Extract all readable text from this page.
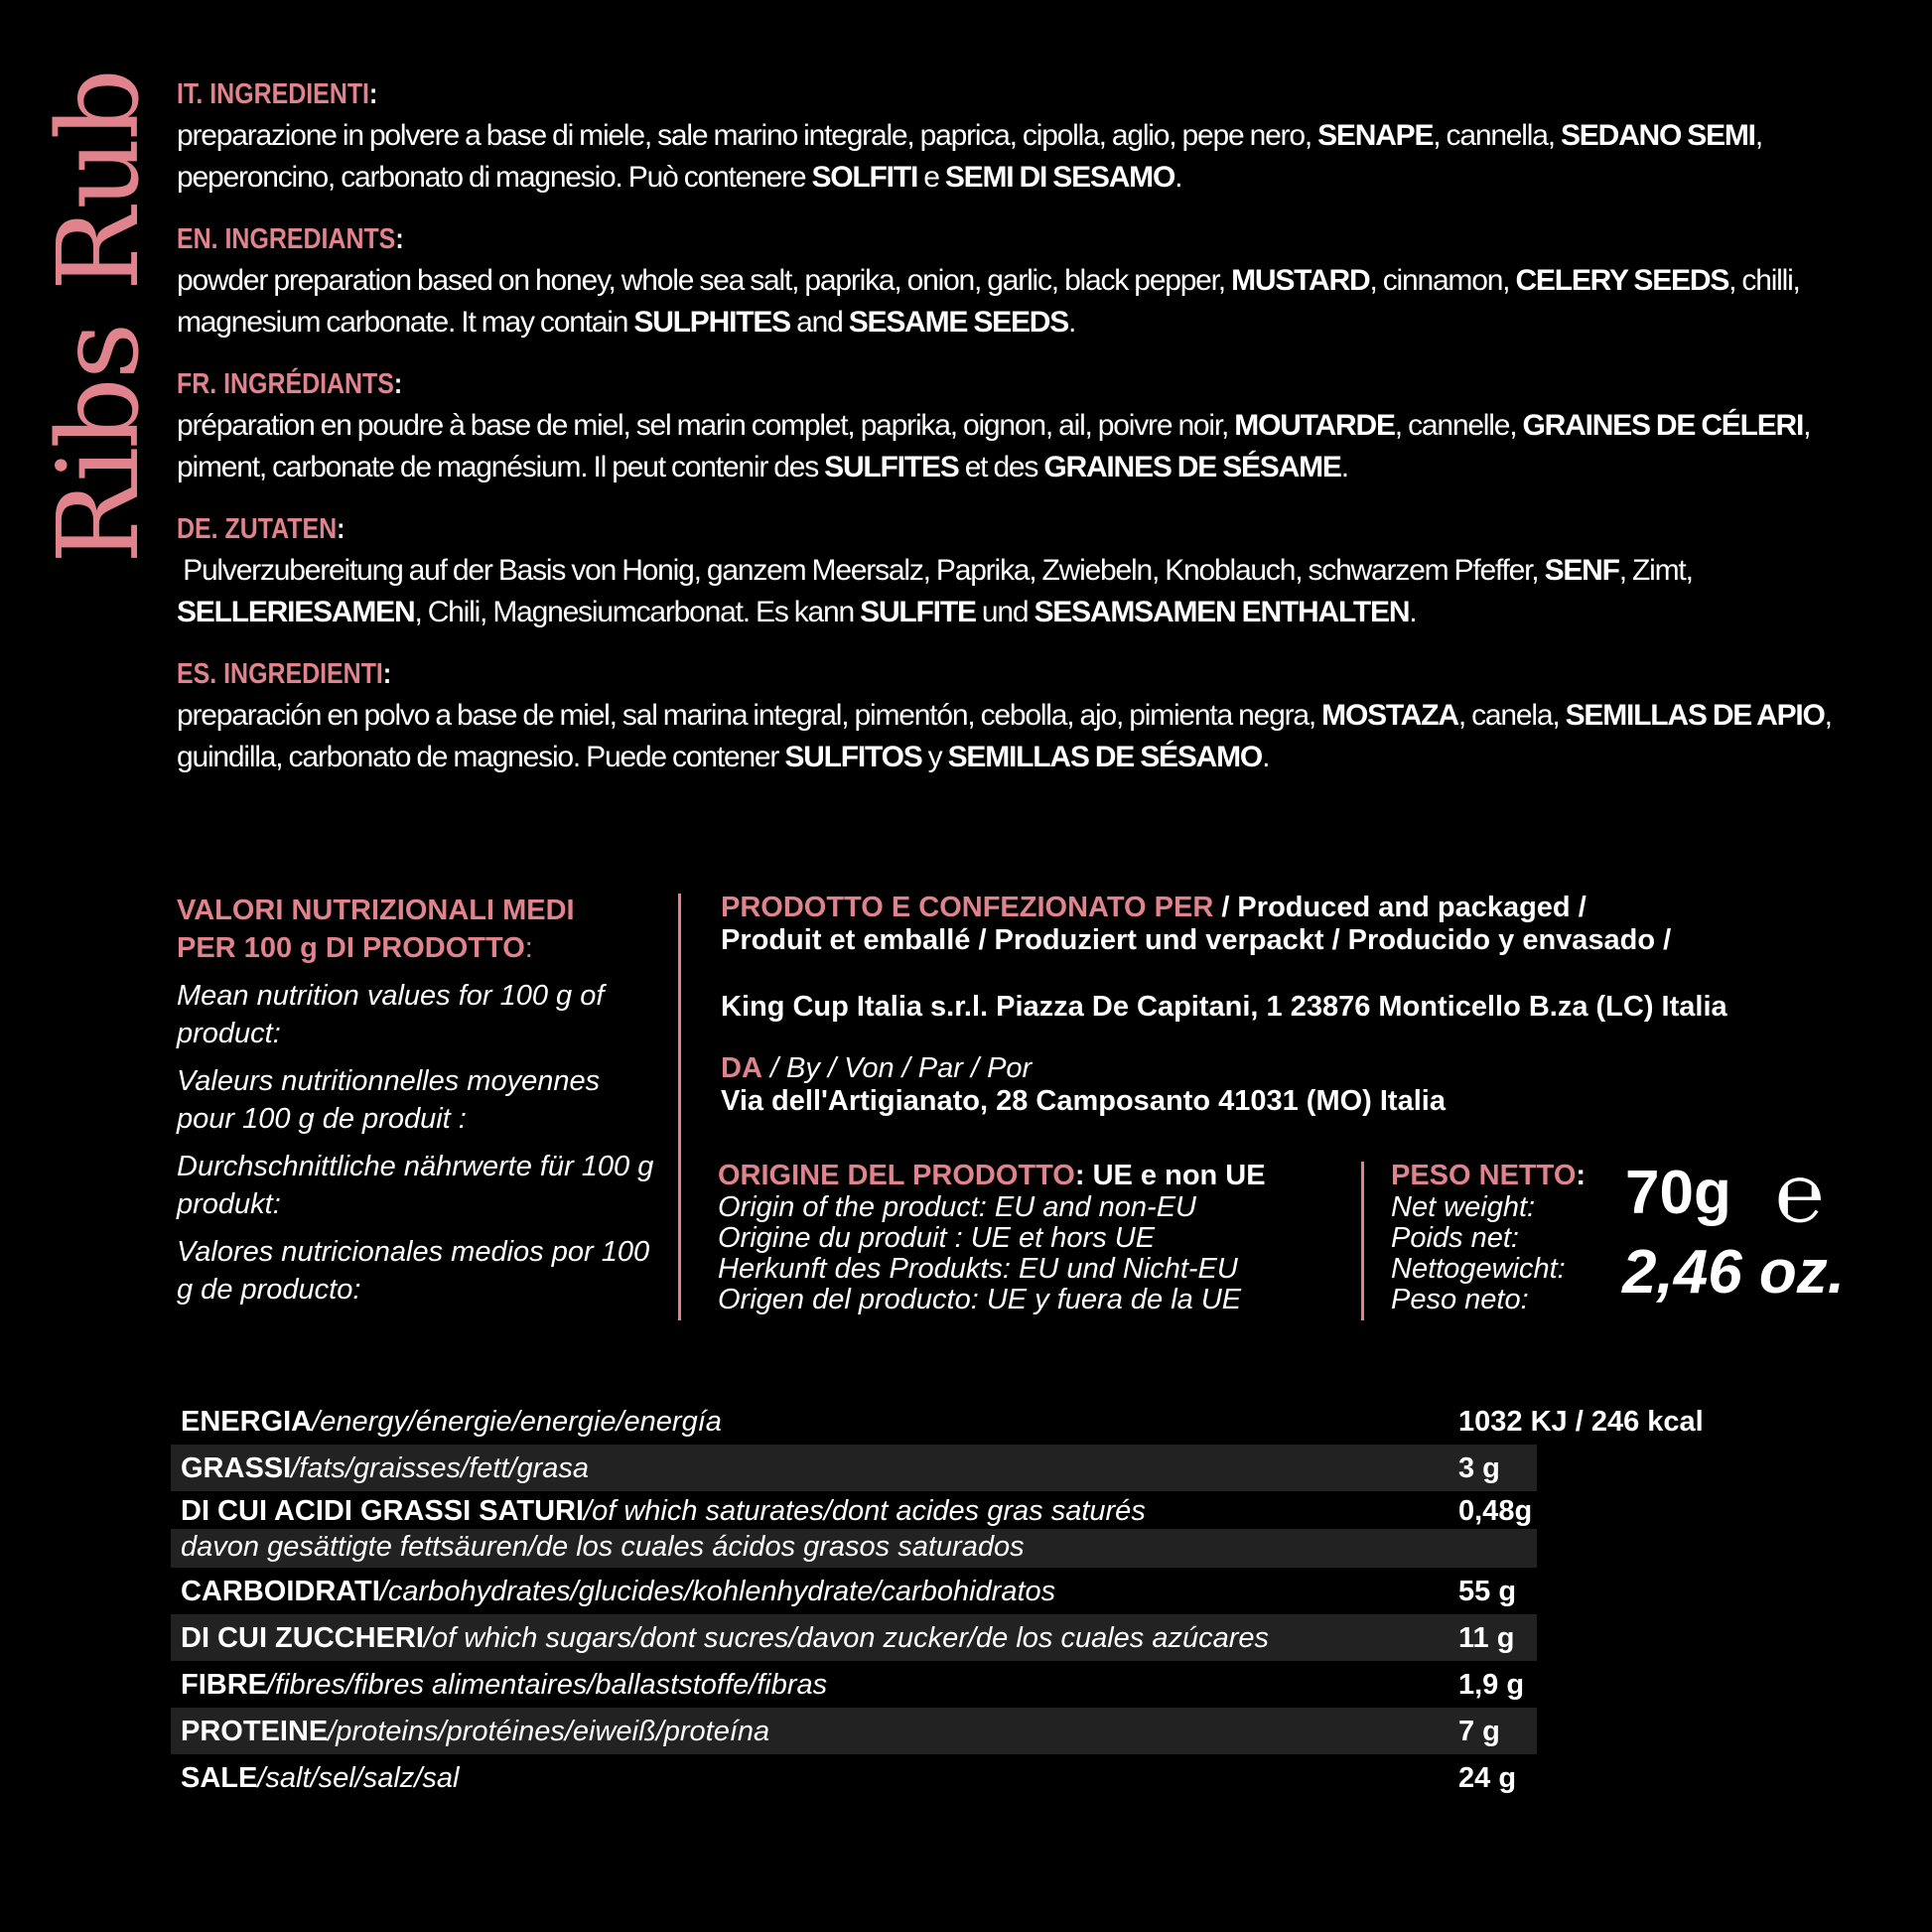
Ribs Rub IT. INGREDIENTI:
preparazione in polvere a base di miele, sale marino integrale, paprica, cipolla, aglio, pepe nero, SENAPE, cannella, SEDANO SEMI, peperoncino, carbonato di magnesio. Può contenere SOLFITI e SEMI DI SESAMO.
EN. INGREDIANTS:
powder preparation based on honey, whole sea salt, paprika, onion, garlic, black pepper, MUSTARD, cinnamon, CELERY SEEDS, chilli, magnesium carbonate. It may contain SULPHITES and SESAME SEEDS.
FR. INGRÉDIANTS:
préparation en poudre à base de miel, sel marin complet, paprika, oignon, ail, poivre noir, MOUTARDE, cannelle, GRAINES DE CÉLERI, piment, carbonate de magnésium. Il peut contenir des SULFITES et des GRAINES DE SÉSAME.
DE. ZUTATEN:
Pulverzubereitung auf der Basis von Honig, ganzem Meersalz, Paprika, Zwiebeln, Knoblauch, schwarzem Pfeffer, SENF, Zimt, SELLERIESAMEN, Chili, Magnesiumcarbonat. Es kann SULFITE und SESAMSAMEN ENTHALTEN.
ES. INGREDIENTI:
preparación en polvo a base de miel, sal marina integral, pimentón, cebolla, ajo, pimienta negra, MOSTAZA, canela, SEMILLAS DE APIO, guindilla, carbonato de magnesio. Puede contener SULFITOS y SEMILLAS DE SÉSAMO.
VALORI NUTRIZIONALI MEDI
PER 100 g DI PRODOTTO:
Mean nutrition values for 100 g of product:
Valeurs nutritionnelles moyennes pour 100 g de produit :
Durchschnittliche nährwerte für 100 g produkt:
Valores nutricionales medios por 100 g de producto:
PRODOTTO E CONFEZIONATO PER / Produced and packaged /
Produit et emballé / Produziert und verpackt / Producido y envasado /
King Cup Italia s.r.l. Piazza De Capitani, 1 23876 Monticello B.za (LC) Italia
DA / By / Von / Par / Por
Via dell'Artigianato, 28 Camposanto 41031 (MO) Italia
ORIGINE DEL PRODOTTO: UE e non UE
Origin of the product: EU and non-EU
Origine du produit : UE et hors UE
Herkunft des Produkts: EU und Nicht-EU
Origen del producto: UE y fuera de la UE
PESO NETTO:
Net weight:
Poids net:
Nettogewicht:
Peso neto:
70g ℮
2,46 oz.
ENERGIA/energy/énergie/energie/energía	1032 KJ / 246 kcal
GRASSI/fats/graisses/fett/grasa	3 g
DI CUI ACIDI GRASSI SATURI/of which saturates/dont acides gras saturés
davon gesättigte fettsäuren/de los cuales ácidos grasos saturados
0,48g
CARBOIDRATI/carbohydrates/glucides/kohlenhydrate/carbohidratos	55 g
DI CUI ZUCCHERI/of which sugars/dont sucres/davon zucker/de los cuales azúcares	11 g
FIBRE/fibres/fibres alimentaires/ballaststoffe/fibras	1,9 g
PROTEINE/proteins/protéines/eiweiß/proteína	7 g
SALE/salt/sel/salz/sal	24 g
